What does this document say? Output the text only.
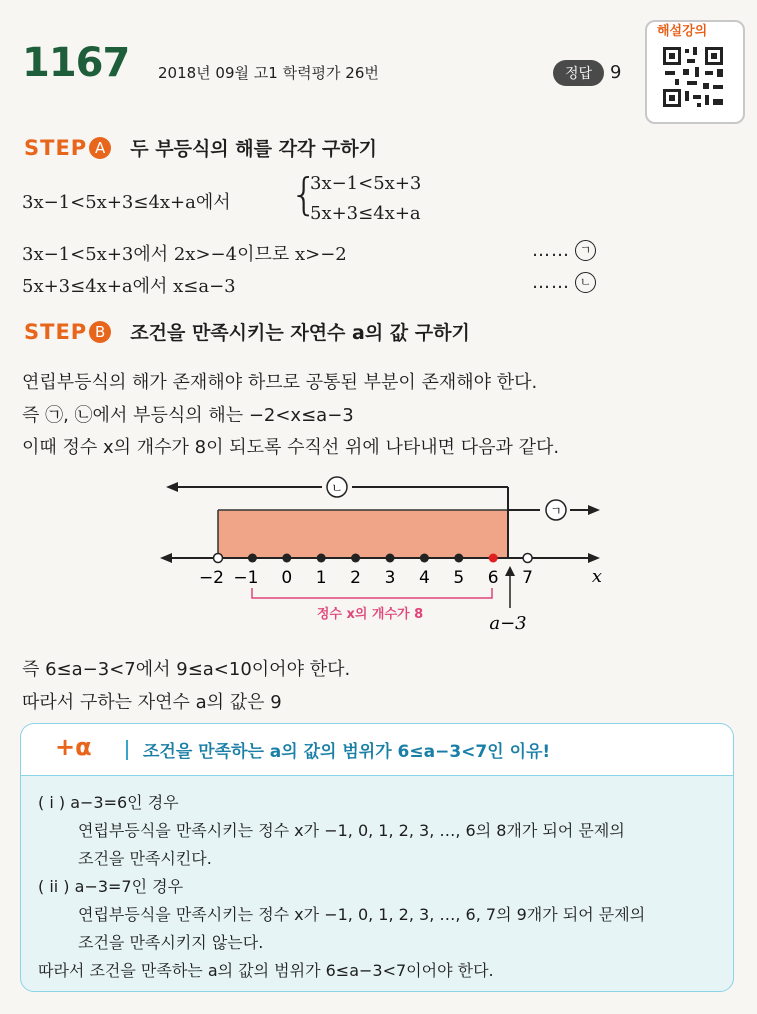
1167 2018년 09월 고1 학력평가 26번	정답 9
해설강의
STEP A 두 부등식의 해를 각각 구하기
3x−1<5x+3≤4x+a에서 {
3x−1<5x+3
5x+3≤4x+a
3x−1<5x+3에서 2x>−4이므로 x>−2	…… ㄱ
5x+3≤4x+a에서 x≤a−3	…… ㄴ
STEP B 조건을 만족시키는 자연수 a의 값 구하기
연립부등식의 해가 존재해야 하므로 공통된 부분이 존재해야 한다.
즉 ㉠, ㉡에서 부등식의 해는 −2<x≤a−3
이때 정수 x의 개수가 8이 되도록 수직선 위에 나타내면 다음과 같다.
ㄴ
ㄱ
−2 −1 0 1 2 3 4 5 6 7	x
a−3
정수 x의 개수가 8
즉 6≤a−3<7에서 9≤a<10이어야 한다.
따라서 구하는 자연수 a의 값은 9
+α	조건을 만족하는 a의 값의 범위가 6≤a−3<7인 이유!
( i ) a−3=6인 경우
연립부등식을 만족시키는 정수 x가 −1, 0, 1, 2, 3, …, 6의 8개가 되어 문제의
조건을 만족시킨다.
( ii ) a−3=7인 경우
연립부등식을 만족시키는 정수 x가 −1, 0, 1, 2, 3, …, 6, 7의 9개가 되어 문제의
조건을 만족시키지 않는다.
따라서 조건을 만족하는 a의 값의 범위가 6≤a−3<7이어야 한다.
